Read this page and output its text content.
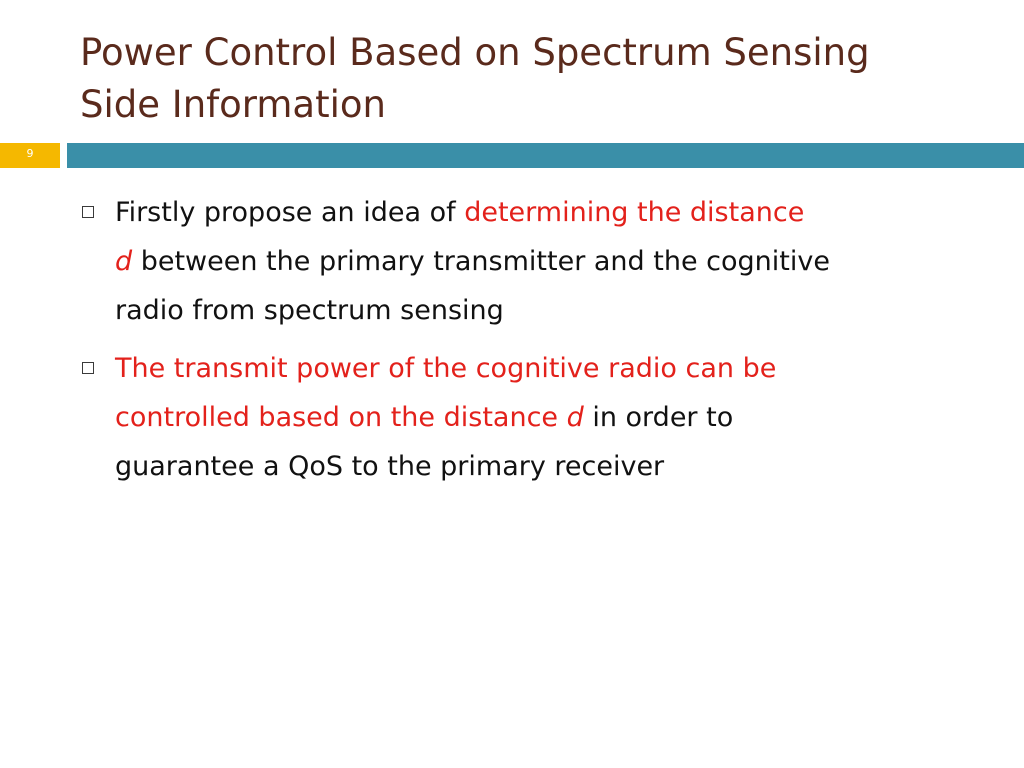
Power Control Based on Spectrum Sensing
Side Information
9
Firstly propose an idea of determining the distance
d between the primary transmitter and the cognitive
radio from spectrum sensing
The transmit power of the cognitive radio can be
controlled based on the distance d in order to
guarantee a QoS to the primary receiver
